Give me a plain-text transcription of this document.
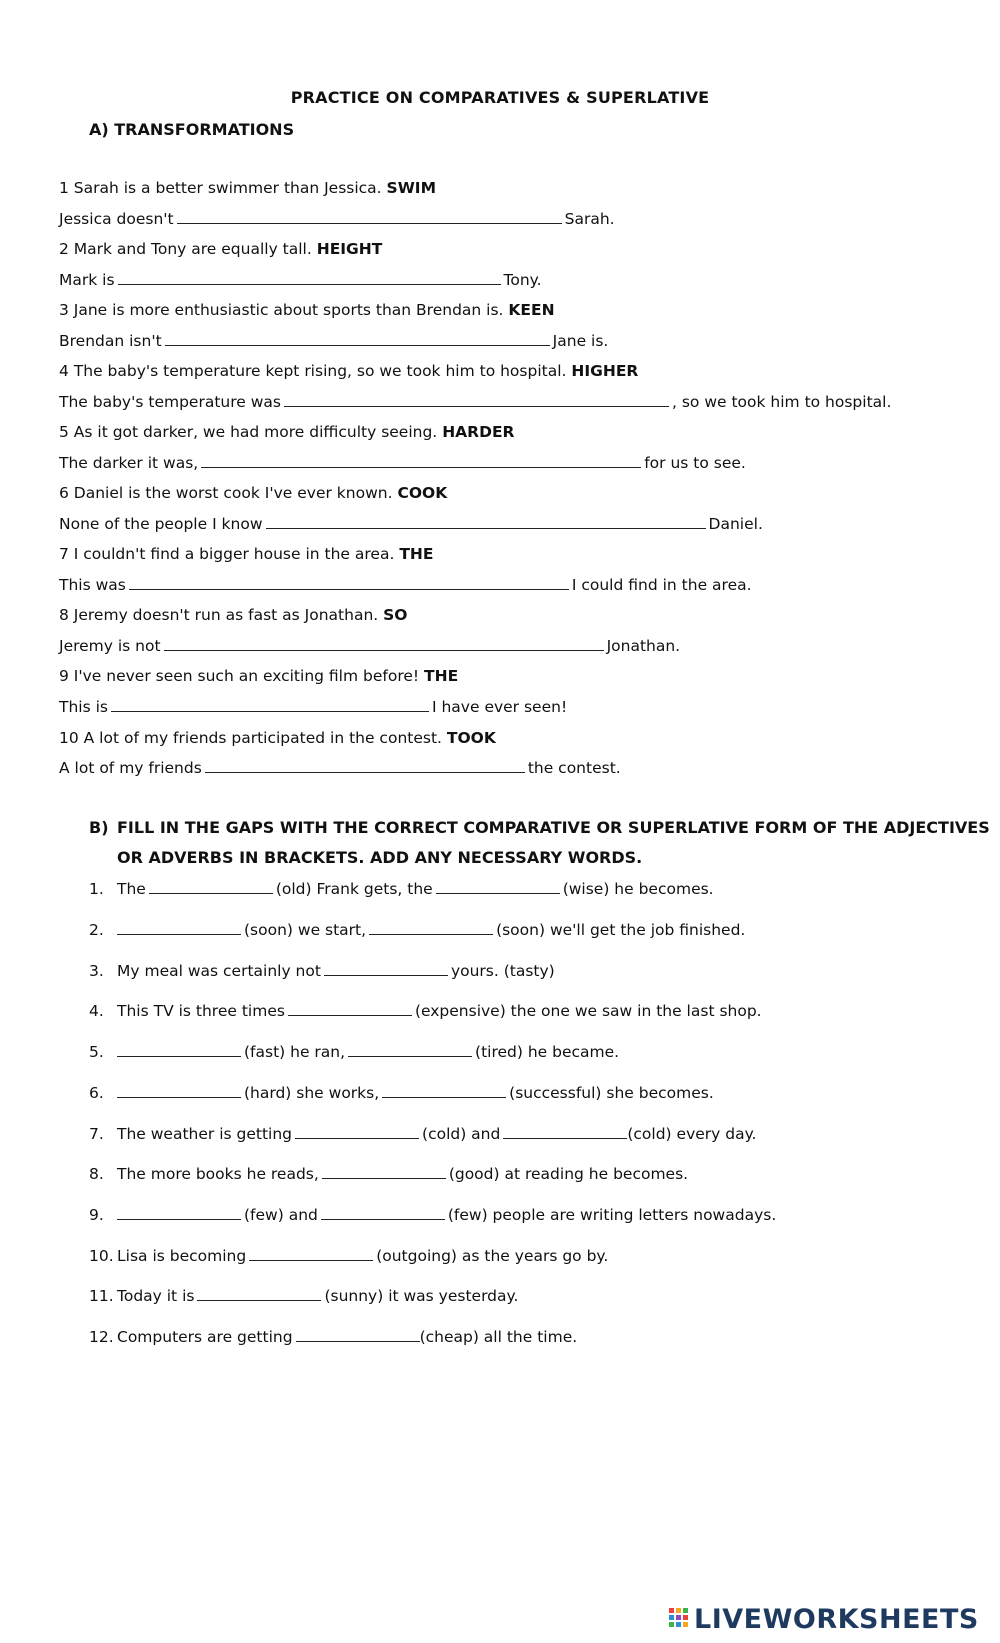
PRACTICE ON COMPARATIVES & SUPERLATIVE
A) TRANSFORMATIONS
1 Sarah is a better swimmer than Jessica. SWIM
Jessica doesn't	Sarah.
2 Mark and Tony are equally tall. HEIGHT
Mark is	Tony.
3 Jane is more enthusiastic about sports than Brendan is. KEEN
Brendan isn't	Jane is.
4 The baby's temperature kept rising, so we took him to hospital. HIGHER
The baby's temperature was	, so we took him to hospital.
5 As it got darker, we had more difficulty seeing. HARDER
The darker it was,	for us to see.
6 Daniel is the worst cook I've ever known. COOK
None of the people I know	Daniel.
7 I couldn't find a bigger house in the area. THE
This was	I could find in the area.
8 Jeremy doesn't run as fast as Jonathan. SO
Jeremy is not	Jonathan.
9 I've never seen such an exciting film before! THE
This is	I have ever seen!
10 A lot of my friends participated in the contest. TOOK
A lot of my friends	the contest.
B) FILL IN THE GAPS WITH THE CORRECT COMPARATIVE OR SUPERLATIVE FORM OF THE ADJECTIVES
OR ADVERBS IN BRACKETS. ADD ANY NECESSARY WORDS.
1. The	(old) Frank gets, the	(wise) he becomes.
2.	(soon) we start,	(soon) we'll get the job finished.
3. My meal was certainly not	yours. (tasty)
4. This TV is three times	(expensive) the one we saw in the last shop.
5.	(fast) he ran,	(tired) he became.
6.	(hard) she works,	(successful) she becomes.
7. The weather is getting	(cold) and	(cold) every day.
8. The more books he reads,	(good) at reading he becomes.
9.	(few) and	(few) people are writing letters nowadays.
10. Lisa is becoming	(outgoing) as the years go by.
11. Today it is	(sunny) it was yesterday.
12. Computers are getting	(cheap) all the time.
LIVEWORKSHEETS
